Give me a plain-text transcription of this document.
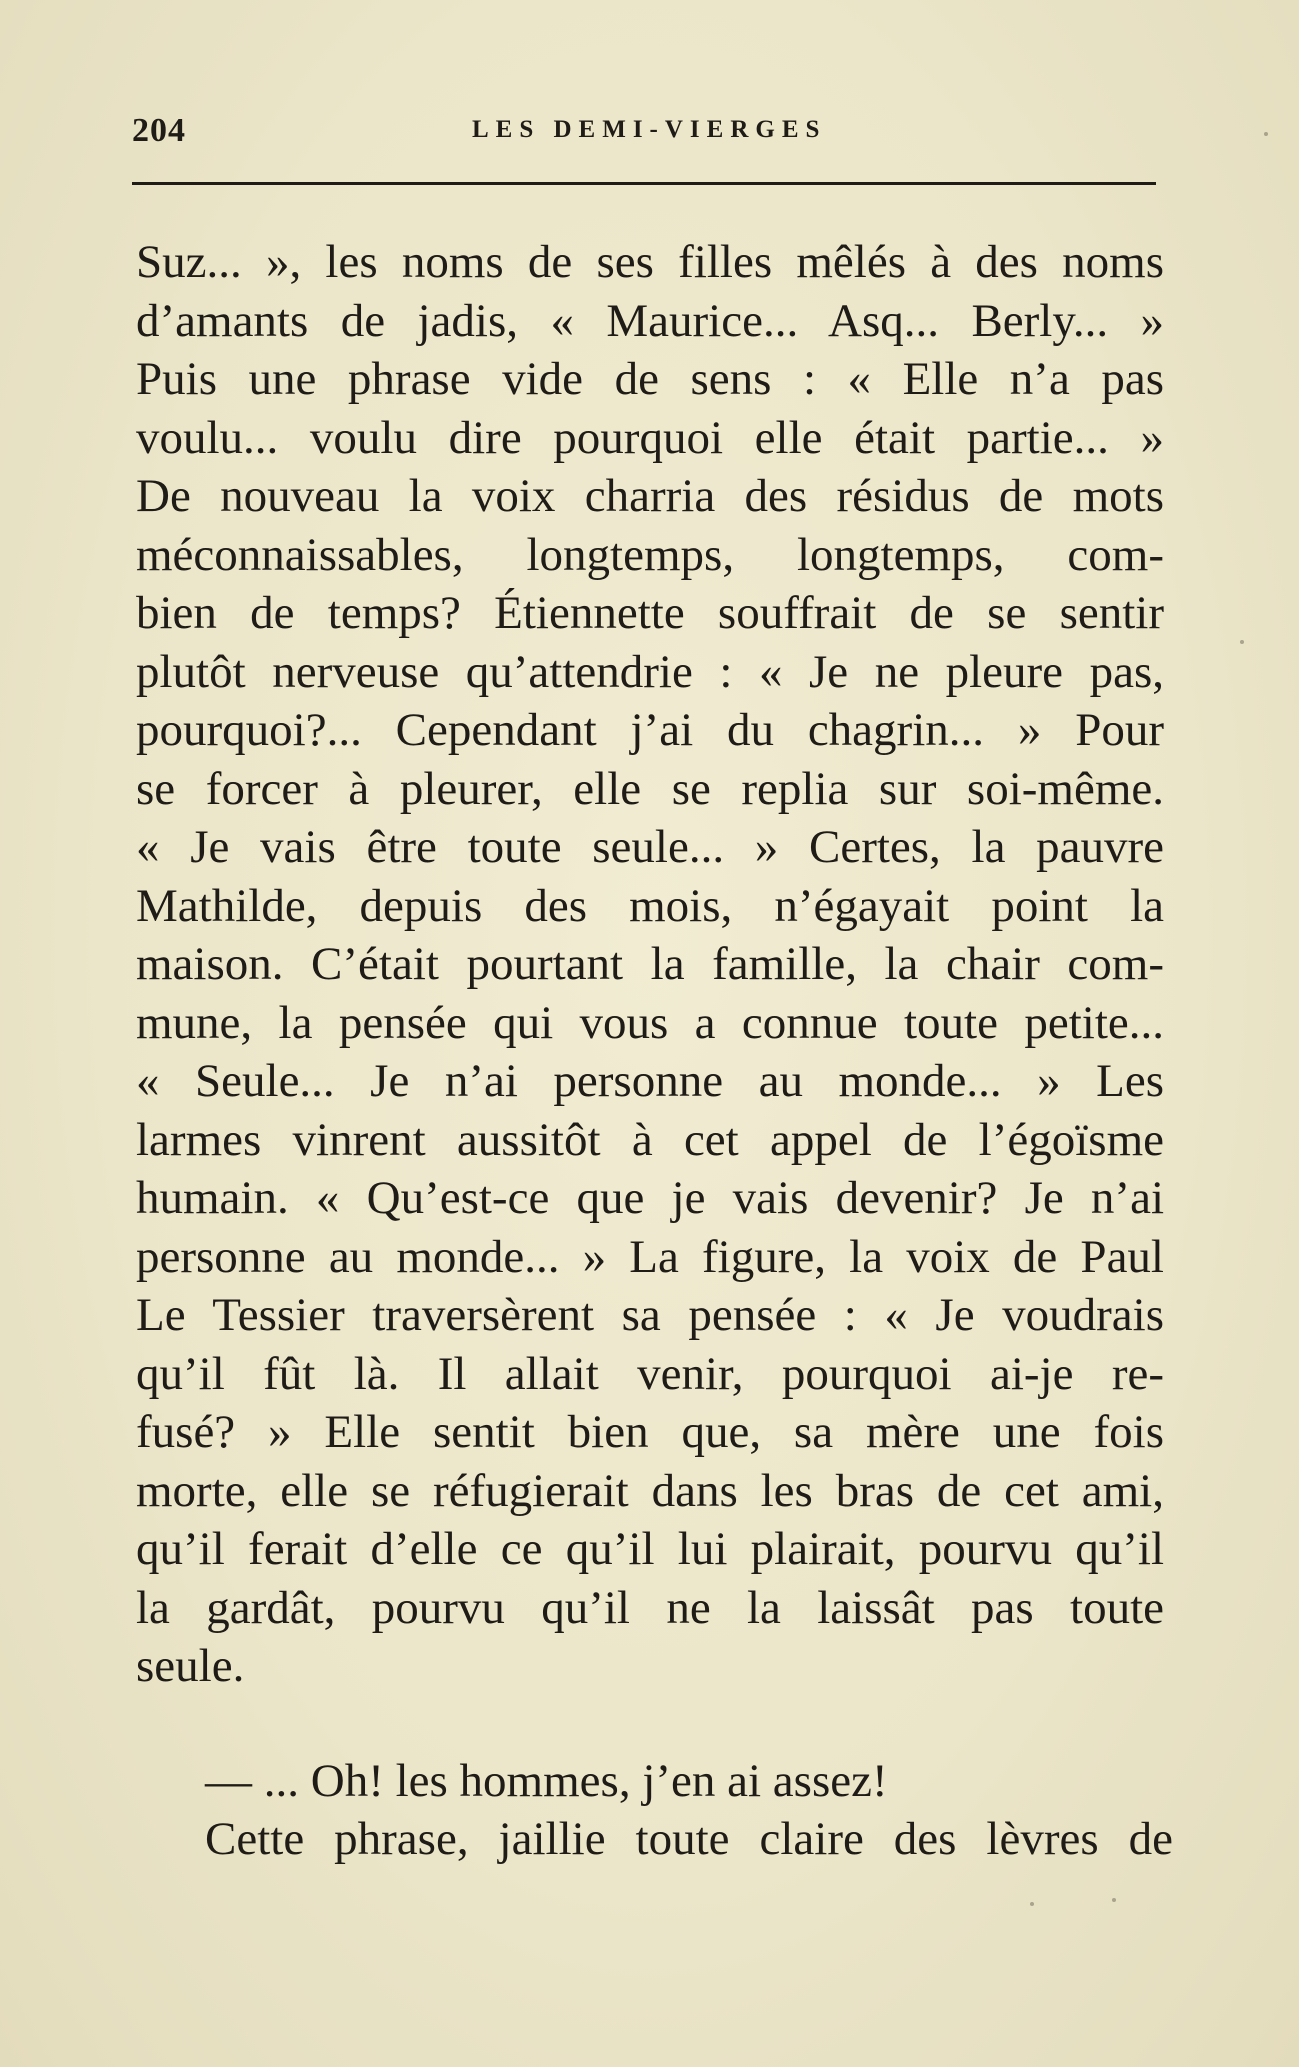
204	LES DEMI-VIERGES
Suz... », les noms de ses filles mêlés à des noms
d’amants de jadis, « Maurice... Asq... Berly... »
Puis une phrase vide de sens : « Elle n’a pas
voulu... voulu dire pourquoi elle était partie... »
De nouveau la voix charria des résidus de mots
méconnaissables, longtemps, longtemps, com-
bien de temps? Étiennette souffrait de se sentir
plutôt nerveuse qu’attendrie : « Je ne pleure pas,
pourquoi?... Cependant j’ai du chagrin... » Pour
se forcer à pleurer, elle se replia sur soi-même.
« Je vais être toute seule... » Certes, la pauvre
Mathilde, depuis des mois, n’égayait point la
maison. C’était pourtant la famille, la chair com-
mune, la pensée qui vous a connue toute petite...
« Seule... Je n’ai personne au monde... » Les
larmes vinrent aussitôt à cet appel de l’égoïsme
humain. « Qu’est-ce que je vais devenir? Je n’ai
personne au monde... » La figure, la voix de Paul
Le Tessier traversèrent sa pensée : « Je voudrais
qu’il fût là. Il allait venir, pourquoi ai-je re-
fusé? » Elle sentit bien que, sa mère une fois
morte, elle se réfugierait dans les bras de cet ami,
qu’il ferait d’elle ce qu’il lui plairait, pourvu qu’il
la gardât, pourvu qu’il ne la laissât pas toute
seule.
— ... Oh! les hommes, j’en ai assez!
Cette phrase, jaillie toute claire des lèvres de
